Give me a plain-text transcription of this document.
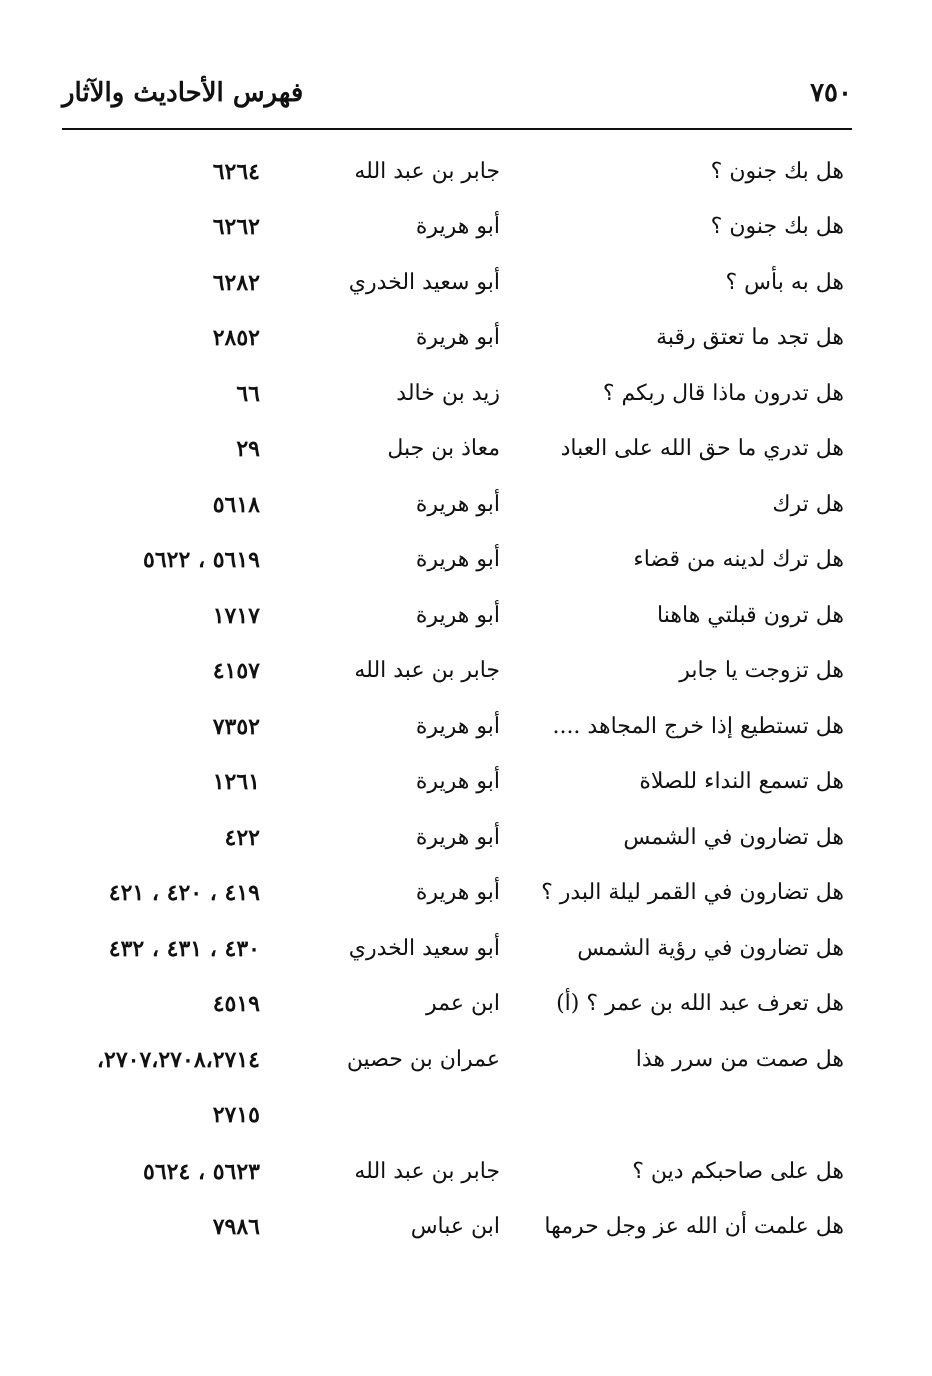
٧٥٠
فهرس الأحاديث والآثار
هل بك جنون ؟
جابر بن عبد الله
٦٢٦٤
هل بك جنون ؟
أبو هريرة
٦٢٦٢
هل به بأس ؟
أبو سعيد الخدري
٦٢٨٢
هل تجد ما تعتق رقبة
أبو هريرة
٢٨٥٢
هل تدرون ماذا قال ربكم ؟
زيد بن خالد
٦٦
هل تدري ما حق الله على العباد
معاذ بن جبل
٢٩
هل ترك
أبو هريرة
٥٦١٨
هل ترك لدينه من قضاء
أبو هريرة
٥٦١٩ ، ٥٦٢٢
هل ترون قبلتي هاهنا
أبو هريرة
١٧١٧
هل تزوجت يا جابر
جابر بن عبد الله
٤١٥٧
هل تستطيع إذا خرج المجاهد ....
أبو هريرة
٧٣٥٢
هل تسمع النداء للصلاة
أبو هريرة
١٢٦١
هل تضارون في الشمس
أبو هريرة
٤٢٢
هل تضارون في القمر ليلة البدر ؟
أبو هريرة
٤١٩ ، ٤٢٠ ، ٤٢١
هل تضارون في رؤية الشمس
أبو سعيد الخدري
٤٣٠ ، ٤٣١ ، ٤٣٢
هل تعرف عبد الله بن عمر ؟ (أ)
ابن عمر
٤٥١٩
هل صمت من سرر هذا
عمران بن حصين
٢٧٠٧،٢٧٠٨،٢٧١٤،
٢٧١٥
هل على صاحبكم دين ؟
جابر بن عبد الله
٥٦٢٣ ، ٥٦٢٤
هل علمت أن الله عز وجل حرمها
ابن عباس
٧٩٨٦
